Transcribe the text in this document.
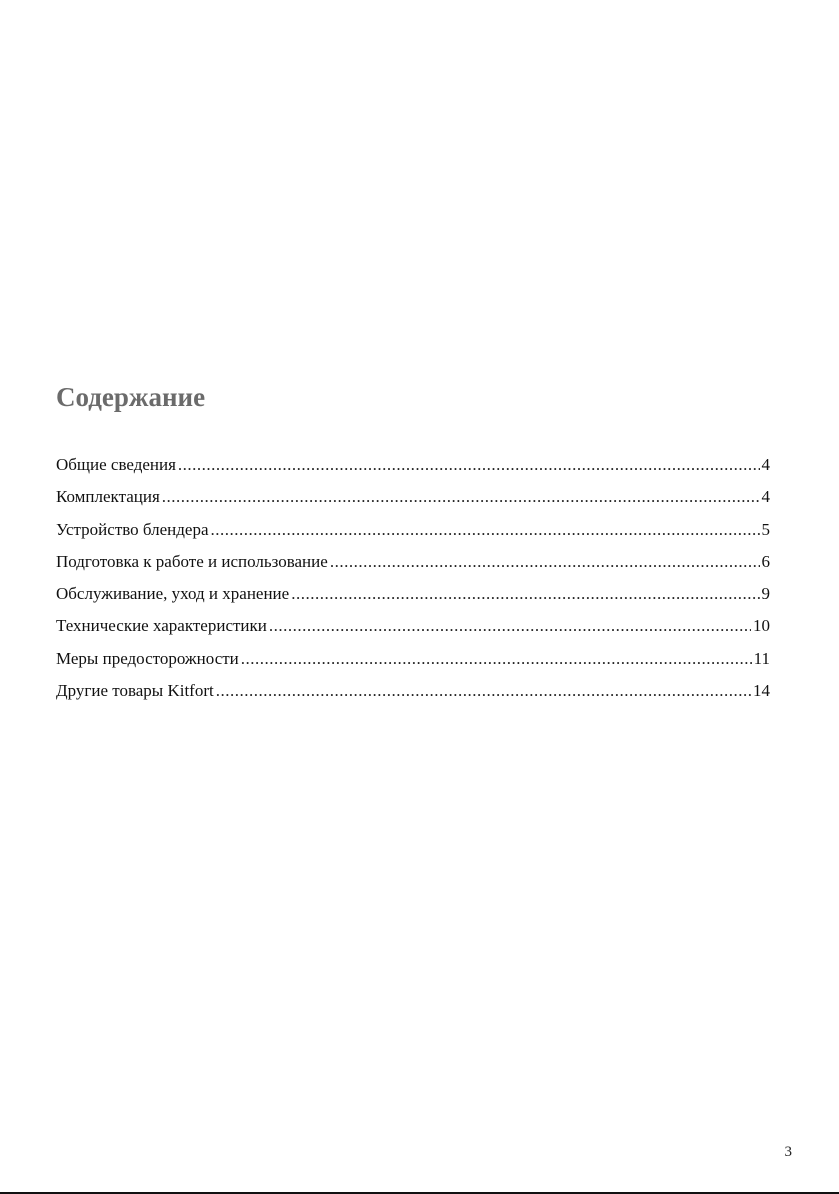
Содержание
Общие сведения .....	4
Комплектация .....	4
Устройство блендера .....	5
Подготовка к работе и использование .....	6
Обслуживание, уход и хранение .....	9
Технические характеристики .....	10
Меры предосторожности .....	11
Другие товары Kitfort .....	14
3
